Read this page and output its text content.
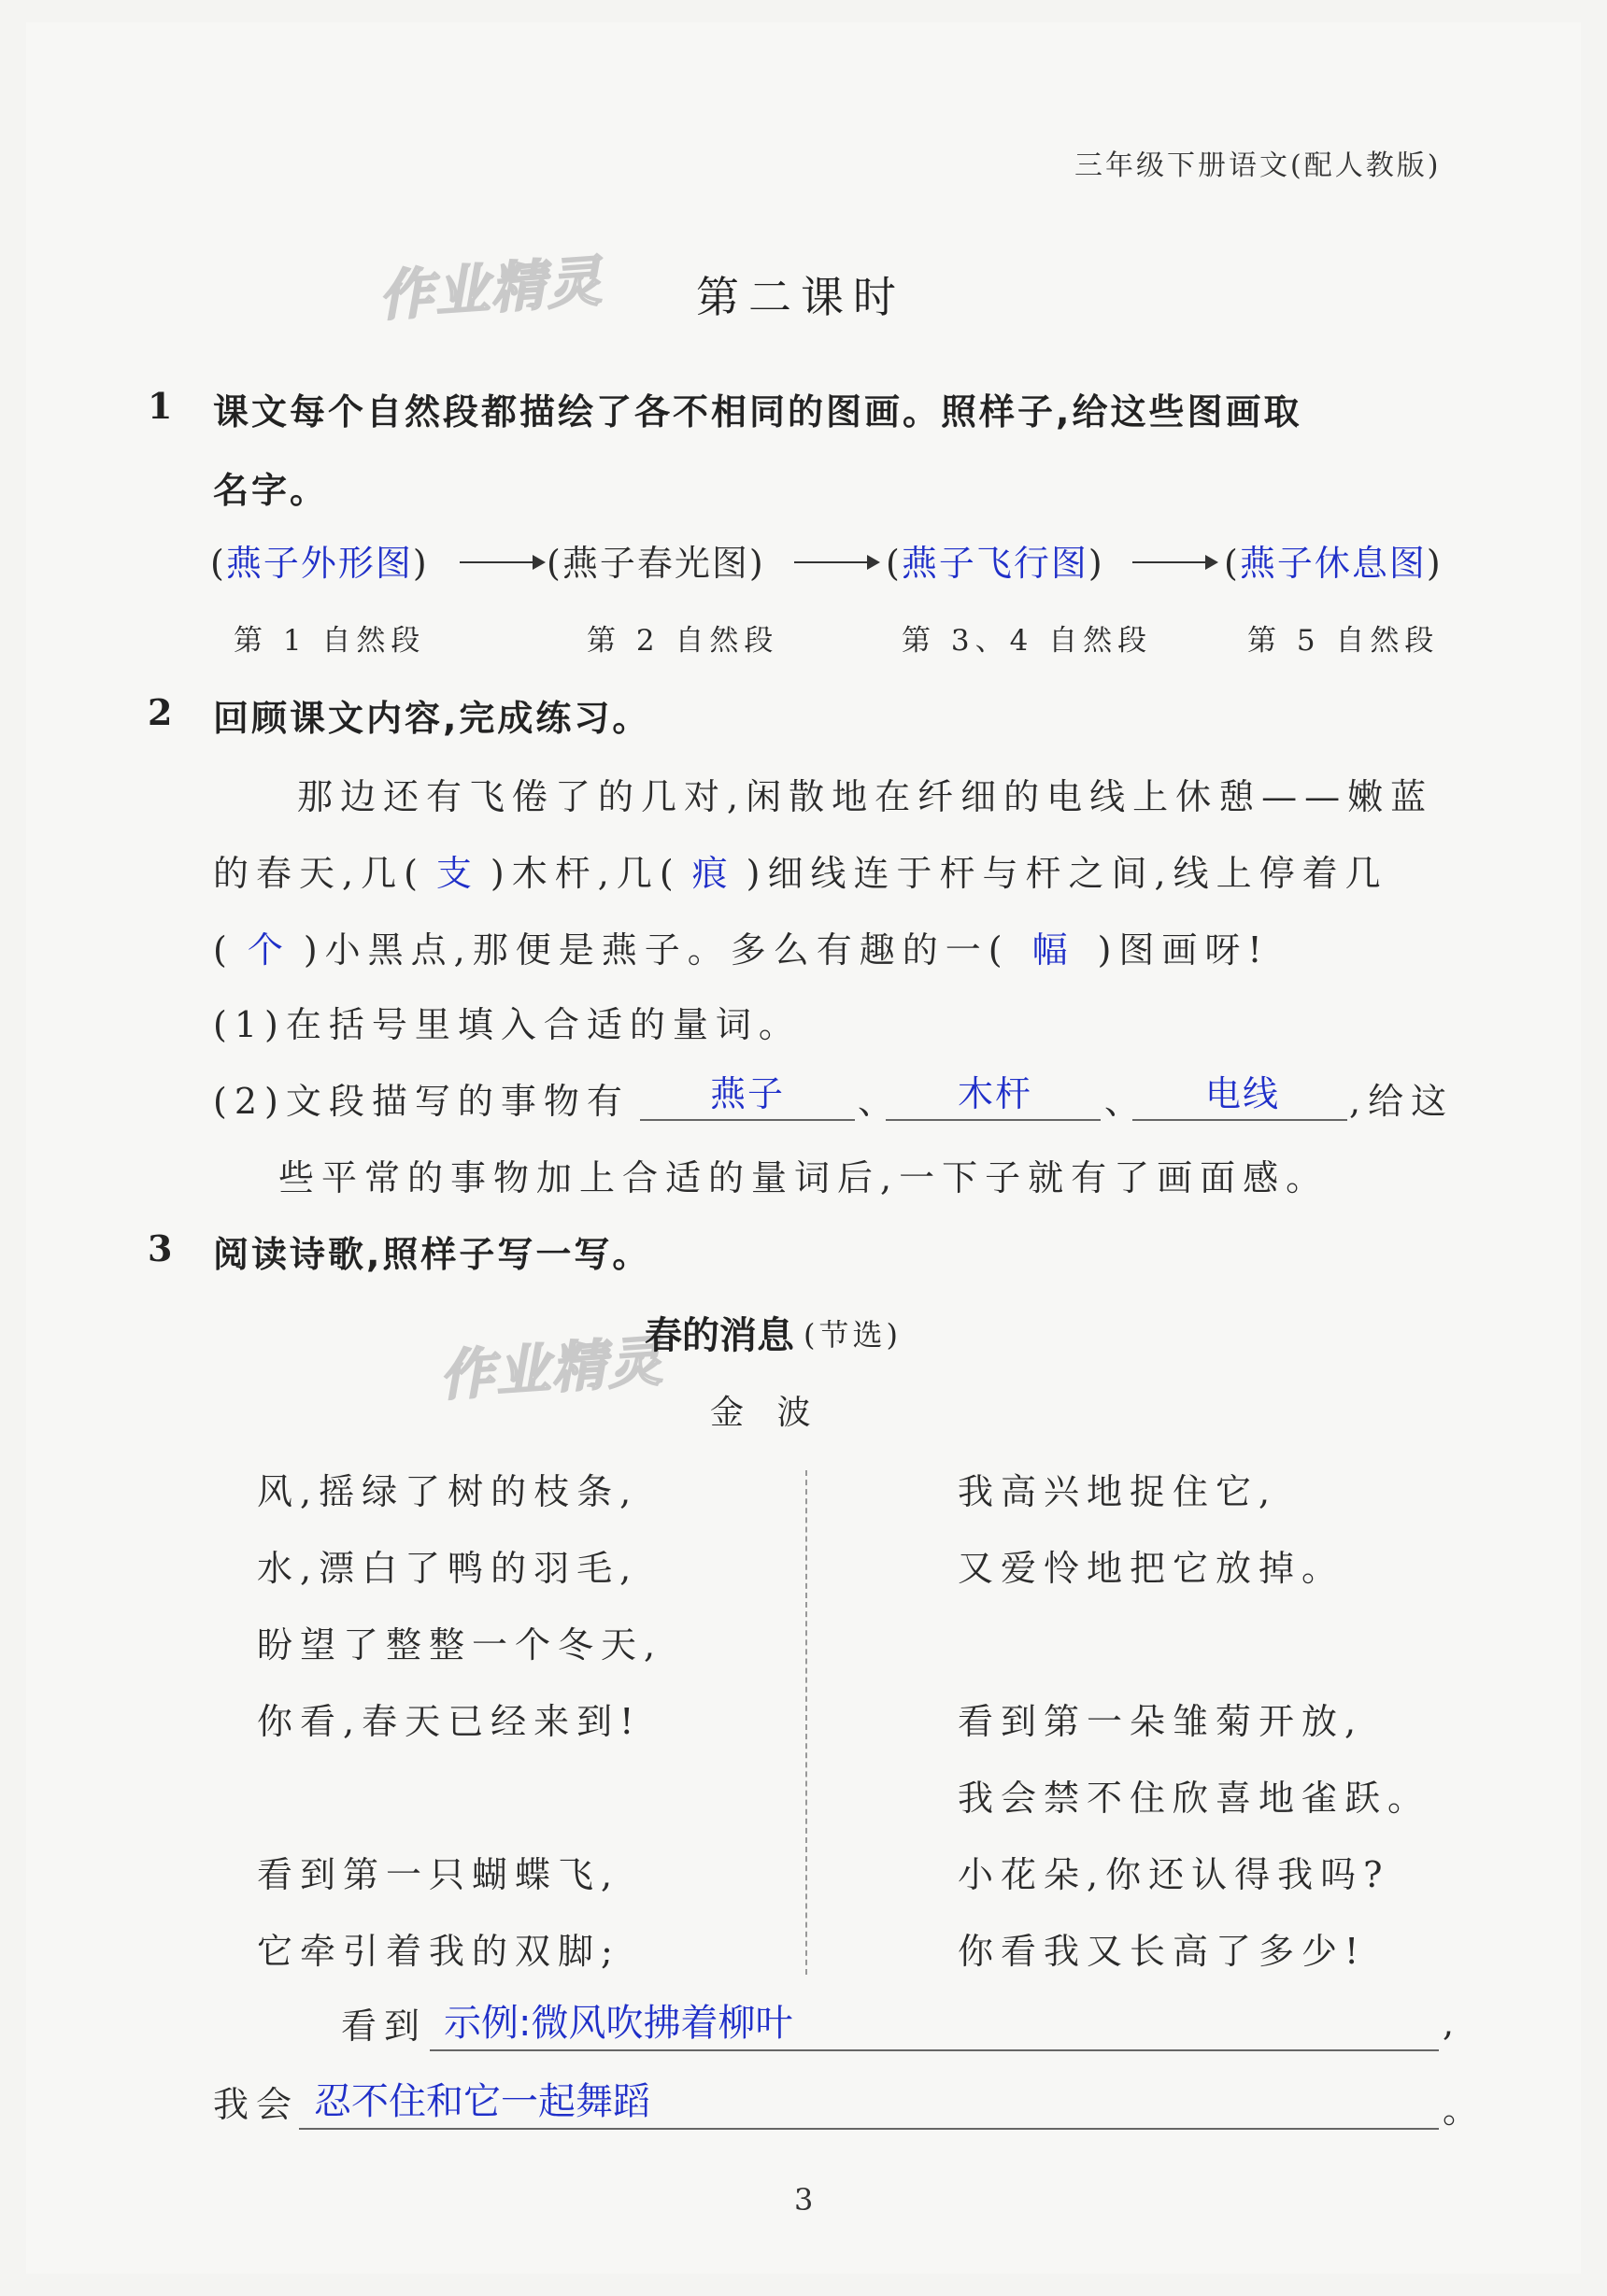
三年级下册语文(配人教版)
作业精灵 第二课时
1 课文每个自然段都描绘了各不相同的图画。照样子,给这些图画取
名字。
(燕子外形图)	(燕子春光图)	(燕子飞行图)	(燕子休息图)
第 1 自然段	第 2 自然段	第 3、4 自然段	第 5 自然段
2 回顾课文内容,完成练习。
那边还有飞倦了的几对,闲散地在纤细的电线上休憩——嫩蓝
的春天,几( 支 )木杆,几( 痕 )细线连于杆与杆之间,线上停着几
( 个 )小黑点,那便是燕子。多么有趣的一( 幅 )图画呀!
(1)在括号里填入合适的量词。
(2)文段描写的事物有 燕子 、 木杆 、 电线 ,给这
些平常的事物加上合适的量词后,一下子就有了画面感。
3 阅读诗歌,照样子写一写。
作业精灵
春的消息 (节选)
金 波
风,摇绿了树的枝条,
水,漂白了鸭的羽毛,
盼望了整整一个冬天,
你看,春天已经来到!
看到第一只蝴蝶飞,
它牵引着我的双脚;
我高兴地捉住它,
又爱怜地把它放掉。
看到第一朵雏菊开放,
我会禁不住欣喜地雀跃。
小花朵,你还认得我吗?
你看我又长高了多少!
看到 示例:微风吹拂着柳叶	,
我会 忍不住和它一起舞蹈	。
3
